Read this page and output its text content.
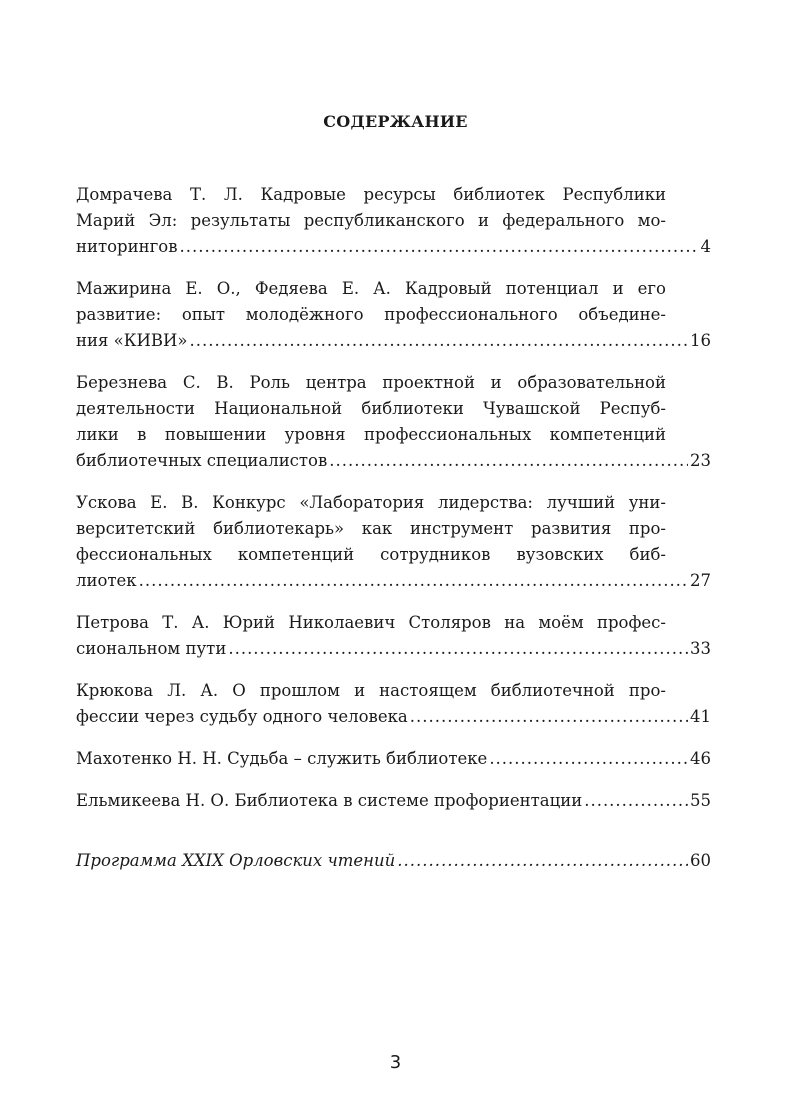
СОДЕРЖАНИЕ
Домрачева Т. Л. Кадровые ресурсы библиотек Республики
Марий Эл: результаты республиканского и федерального мо-
ниторингов .....	4
Мажирина Е. О., Федяева Е. А. Кадровый потенциал и его
развитие: опыт молодёжного профессионального объедине-
ния «КИВИ» .....	16
Березнева С. В. Роль центра проектной и образовательной
деятельности Национальной библиотеки Чувашской Респуб-
лики в повышении уровня профессиональных компетенций
библиотечных специалистов .....	23
Ускова Е. В. Конкурс «Лаборатория лидерства: лучший уни-
верситетский библиотекарь» как инструмент развития про-
фессиональных компетенций сотрудников вузовских биб-
лиотек .....	27
Петрова Т. А. Юрий Николаевич Столяров на моём профес-
сиональном пути .....	33
Крюкова Л. А. О прошлом и настоящем библиотечной про-
фессии через судьбу одного человека .....	41
Махотенко Н. Н. Судьба – служить библиотеке .....	46
Ельмикеева Н. О. Библиотека в системе профориентации .....	55
Программа XXIX Орловских чтений .....	60
3
